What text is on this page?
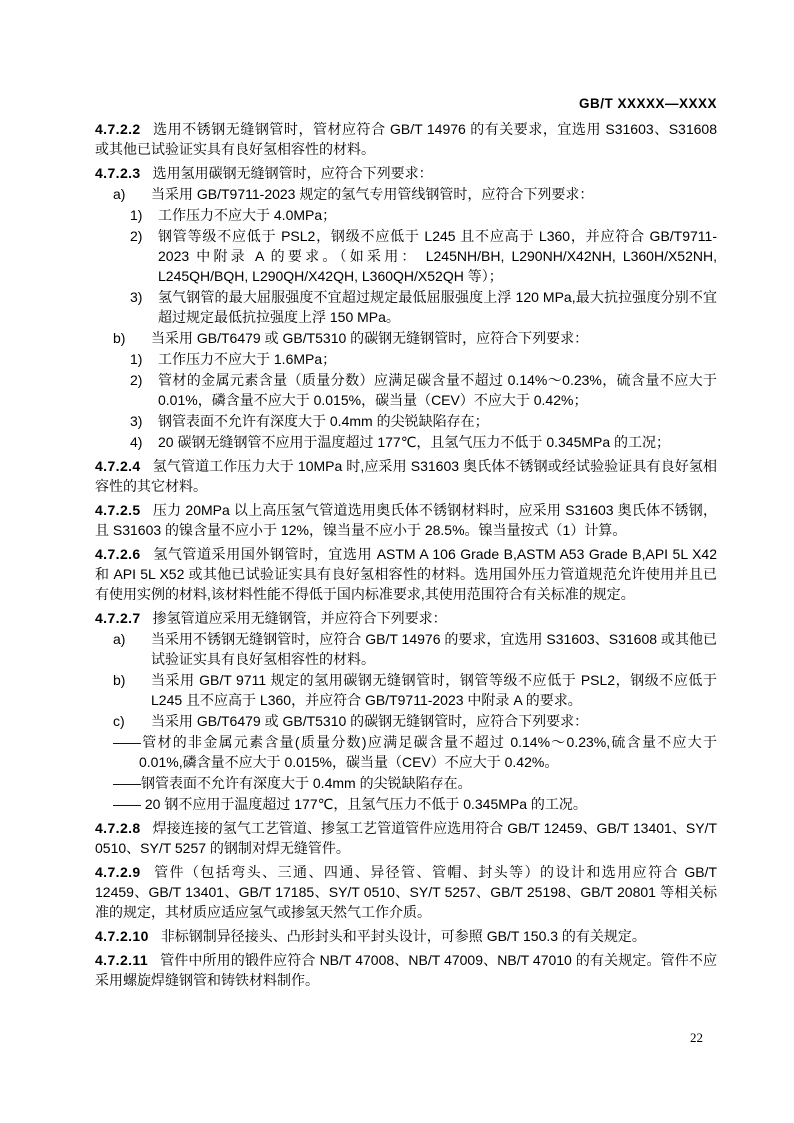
GB/T XXXXX—XXXX

4.7.2.2 选用不锈钢无缝钢管时，管材应符合 GB/T 14976 的有关要求，宜选用 S31603、S31608 或其他已试验证实具有良好氢相容性的材料。

4.7.2.3 选用氢用碳钢无缝钢管时，应符合下列要求：

a)	当采用 GB/T9711-2023 规定的氢气专用管线钢管时，应符合下列要求：

1)	工作压力不应大于 4.0MPa；

2)	钢管等级不应低于 PSL2，钢级不应低于 L245 且不应高于 L360，并应符合 GB/T9711-2023 中附录 A 的要求。（如采用： L245NH/BH, L290NH/X42NH, L360H/X52NH, L245QH/BQH, L290QH/X42QH, L360QH/X52QH 等）；

3)	氢气钢管的最大屈服强度不宜超过规定最低屈服强度上浮 120 MPa,最大抗拉强度分别不宜超过规定最低抗拉强度上浮 150 MPa。

b)	当采用 GB/T6479 或 GB/T5310 的碳钢无缝钢管时，应符合下列要求：

1)	工作压力不应大于 1.6MPa；

2)	管材的金属元素含量（质量分数）应满足碳含量不超过 0.14%～0.23%，硫含量不应大于 0.01%，磷含量不应大于 0.015%，碳当量（CEV）不应大于 0.42%；

3)	钢管表面不允许有深度大于 0.4mm 的尖锐缺陷存在；

4)	20 碳钢无缝钢管不应用于温度超过 177℃，且氢气压力不低于 0.345MPa 的工况；

4.7.2.4 氢气管道工作压力大于 10MPa 时,应采用 S31603 奥氏体不锈钢或经试验验证具有良好氢相容性的其它材料。

4.7.2.5 压力 20MPa 以上高压氢气管道选用奥氏体不锈钢材料时，应采用 S31603 奥氏体不锈钢，且 S31603 的镍含量不应小于 12%，镍当量不应小于 28.5%。镍当量按式（1）计算。

4.7.2.6 氢气管道采用国外钢管时，宜选用 ASTM A 106 Grade B,ASTM A53 Grade B,API 5L X42 和 API 5L X52 或其他已试验证实具有良好氢相容性的材料。选用国外压力管道规范允许使用并且已有使用实例的材料,该材料性能不得低于国内标准要求,其使用范围符合有关标准的规定。

4.7.2.7 掺氢管道应采用无缝钢管，并应符合下列要求：

a)	当采用不锈钢无缝钢管时，应符合 GB/T 14976 的要求，宜选用 S31603、S31608 或其他已试验证实具有良好氢相容性的材料。

b)	当采用 GB/T 9711 规定的氢用碳钢无缝钢管时，钢管等级不应低于 PSL2，钢级不应低于 L245 且不应高于 L360，并应符合 GB/T9711-2023 中附录 A 的要求。

c)	当采用 GB/T6479 或 GB/T5310 的碳钢无缝钢管时，应符合下列要求：

——管材的非金属元素含量(质量分数)应满足碳含量不超过 0.14%～0.23%,硫含量不应大于 0.01%,磷含量不应大于 0.015%，碳当量（CEV）不应大于 0.42%。

——钢管表面不允许有深度大于 0.4mm 的尖锐缺陷存在。

—— 20 钢不应用于温度超过 177℃，且氢气压力不低于 0.345MPa 的工况。

4.7.2.8 焊接连接的氢气工艺管道、掺氢工艺管道管件应选用符合 GB/T 12459、GB/T 13401、SY/T 0510、SY/T 5257 的钢制对焊无缝管件。

4.7.2.9 管件（包括弯头、三通、四通、异径管、管帽、封头等）的设计和选用应符合 GB/T 12459、GB/T 13401、GB/T 17185、SY/T 0510、SY/T 5257、GB/T 25198、GB/T 20801 等相关标准的规定，其材质应适应氢气或掺氢天然气工作介质。

4.7.2.10 非标钢制异径接头、凸形封头和平封头设计，可参照 GB/T 150.3 的有关规定。

4.7.2.11 管件中所用的锻件应符合 NB/T 47008、NB/T 47009、NB/T 47010 的有关规定。管件不应采用螺旋焊缝钢管和铸铁材料制作。

22
